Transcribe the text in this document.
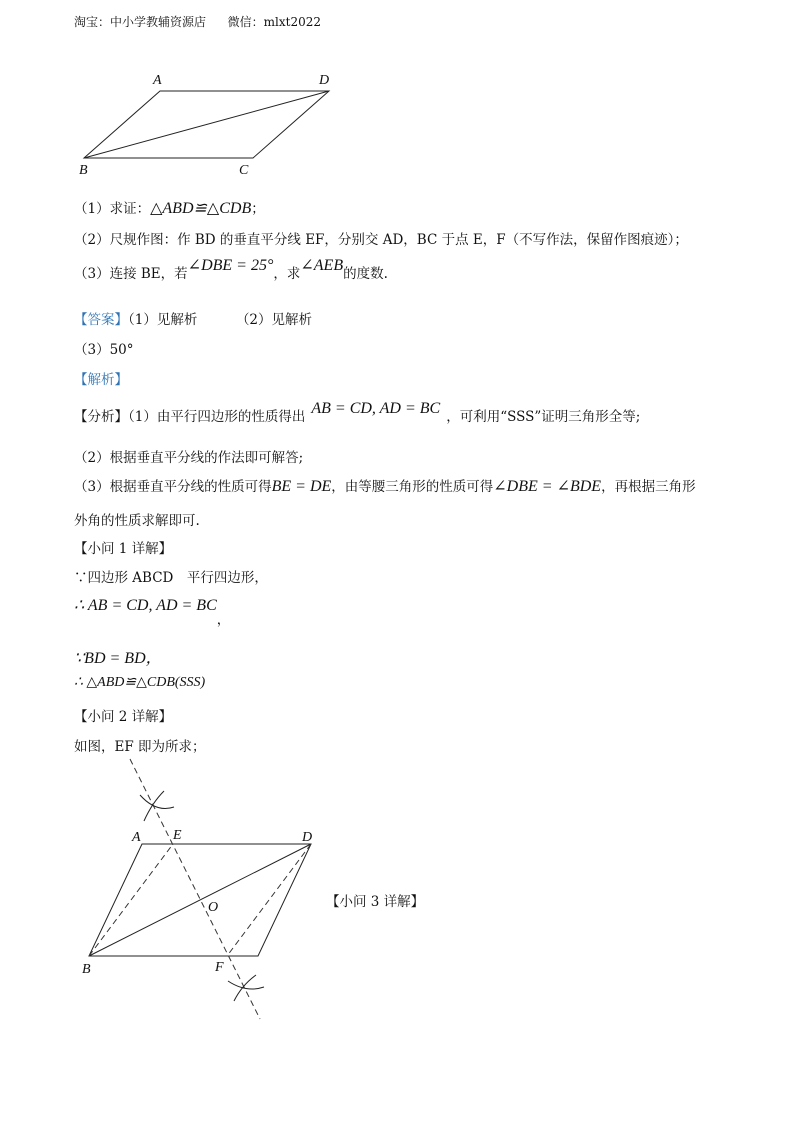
淘宝：中小学教辅资源店 微信：mlxt2022
A	D
B	C
（1）求证：△ABD≌△CDB；
（2）尺规作图：作 BD 的垂直平分线 EF，分别交 AD，BC 于点 E，F（不写作法，保留作图痕迹）；
（3）连接 BE，若∠DBE = 25°，求∠AEB的度数.
【答案】（1）见解析	（2）见解析
（3）50°
【解析】
【分析】（1）由平行四边形的性质得出 AB = CD, AD = BC ，可利用“SSS”证明三角形全等;
（2）根据垂直平分线的作法即可解答;
（3）根据垂直平分线的性质可得BE = DE，由等腰三角形的性质可得∠DBE = ∠BDE，再根据三角形
外角的性质求解即可.
【小问 1 详解】
∵四边形 ABCD　平行四边形，
∴ AB = CD, AD = BC，
∵BD = BD，
∴ △ABD≌△CDB(SSS)
【小问 2 详解】
如图，EF 即为所求；
A E	D
O
B	F
【小问 3 详解】
